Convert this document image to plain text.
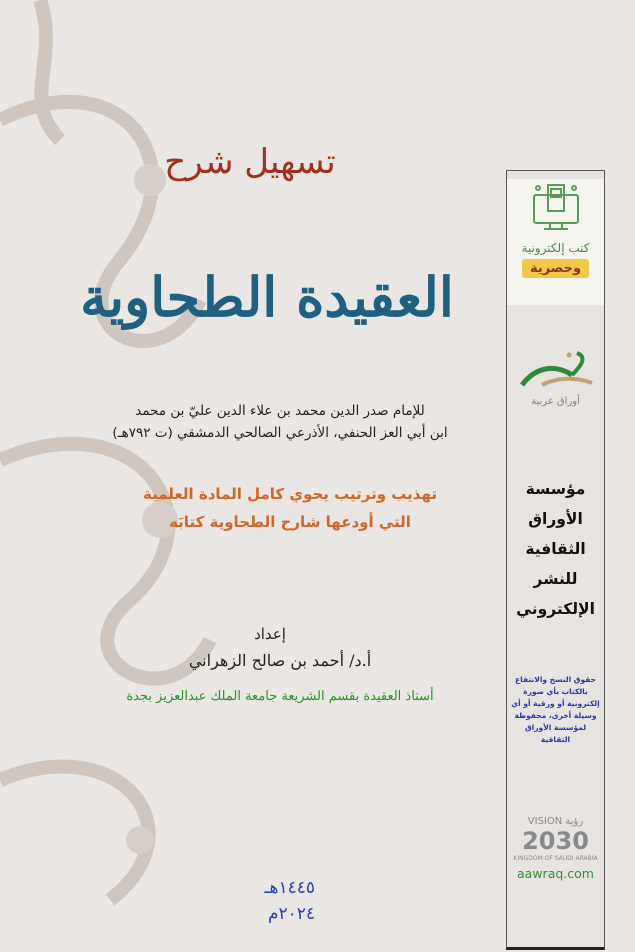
تسهيل شرح
العقيدة الطحاوية
للإمام صدر الدين محمد بن علاء الدين عليّ بن محمد
ابن أبي العز الحنفي، الأذرعي الصالحي الدمشقي (ت ٧٩٢هـ)
تهذيب وترتيب يحوي كامل المادة العلمية
التي أودعها شارح الطحاوية كتابَه
إعداد
أ.د/ أحمد بن صالح الزهراني
أستاذ العقيدة بقسم الشريعة جامعة الملك عبدالعزيز بجدة
١٤٤٥هـ
٢٠٢٤م
كتب إلكترونية
وحصرية
أوراق عربية
مؤسسة
الأوراق
الثقافية
للنشر
الإلكتروني
حقوق النسخ والانتفاع بالكتاب بأي صورة إلكترونية أو ورقية أو أي وسيلة أخرى، محفوظة لمؤسسة الأوراق الثقافية
VISION رؤية
2030
KINGDOM OF SAUDI ARABIA
aawraq.com
